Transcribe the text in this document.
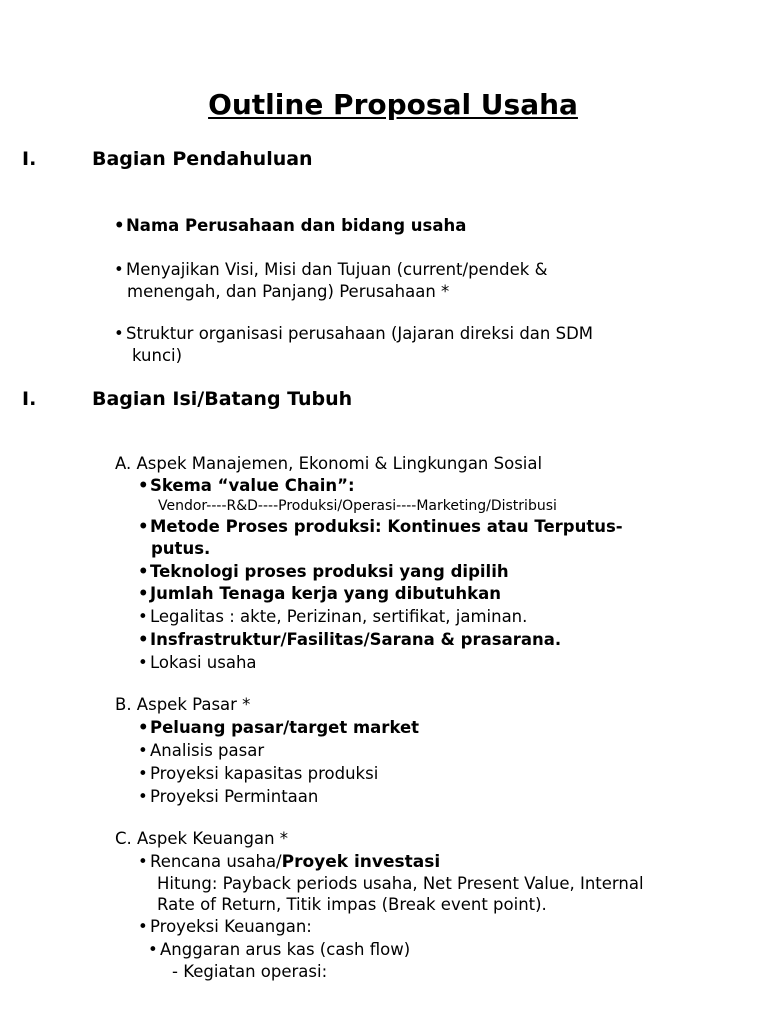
Outline Proposal Usaha
I.	Bagian Pendahuluan
•Nama Perusahaan dan bidang usaha
• Menyajikan Visi, Misi dan Tujuan (current/pendek &
menengah, dan Panjang) Perusahaan *
• Struktur organisasi perusahaan (Jajaran direksi dan SDM
kunci)
I.	Bagian Isi/Batang Tubuh
A. Aspek Manajemen, Ekonomi & Lingkungan Sosial
•Skema “value Chain”:
Vendor----R&D----Produksi/Operasi----Marketing/Distribusi
•Metode Proses produksi: Kontinues atau Terputus-
putus.
•Teknologi proses produksi yang dipilih
•Jumlah Tenaga kerja yang dibutuhkan
• Legalitas : akte, Perizinan, sertifikat, jaminan.
•Insfrastruktur/Fasilitas/Sarana & prasarana.
• Lokasi usaha
B. Aspek Pasar *
•Peluang pasar/target market
• Analisis pasar
• Proyeksi kapasitas produksi
• Proyeksi Permintaan
C. Aspek Keuangan *
• Rencana usaha/Proyek investasi
Hitung: Payback periods usaha, Net Present Value, Internal
Rate of Return, Titik impas (Break event point).
• Proyeksi Keuangan:
• Anggaran arus kas (cash flow)
- Kegiatan operasi:
